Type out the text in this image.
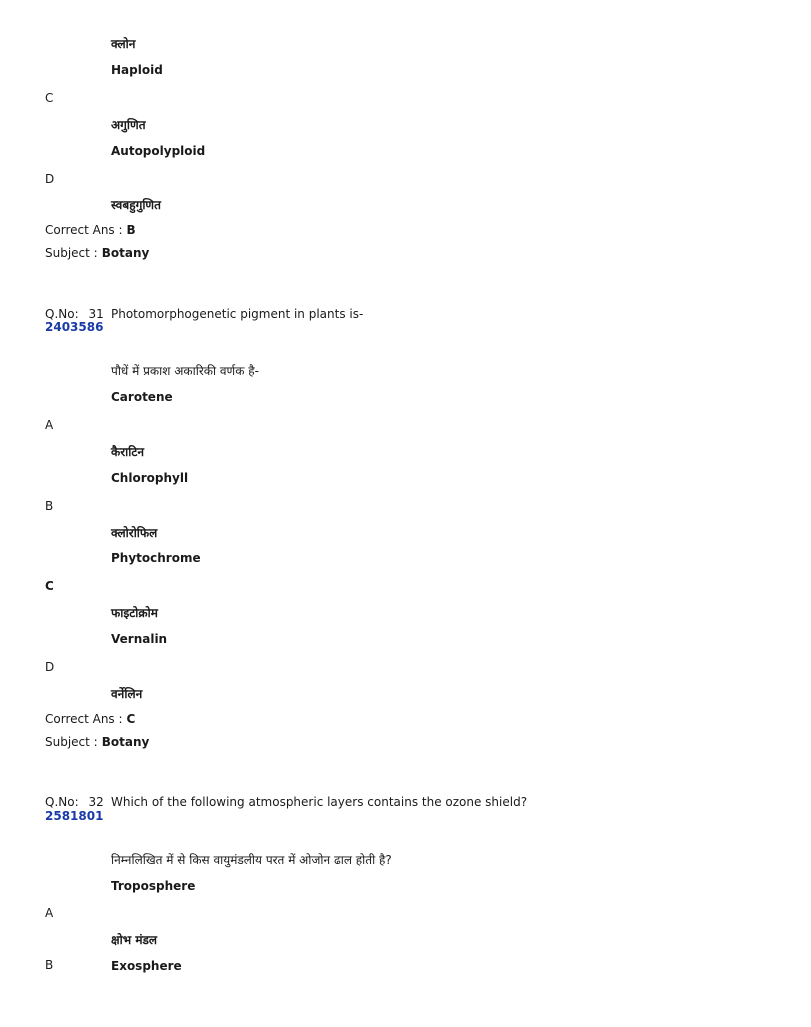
क्लोन
Haploid
C
अगुणित
Autopolyploid
D
स्वबहुगुणित
Correct Ans : B
Subject : Botany
Q.No: 31 Photomorphogenetic pigment in plants is-
2403586
पौधें में प्रकाश अकारिकी वर्णक है-
Carotene
A
कैराटिन
Chlorophyll
B
क्लोरोफिल
Phytochrome
C
फाइटोक्रोम
Vernalin
D
वर्नेलिन
Correct Ans : C
Subject : Botany
Q.No: 32 Which of the following atmospheric layers contains the ozone shield?
2581801
निम्नलिखित में से किस वायुमंडलीय परत में ओजोन ढाल होती है?
Troposphere
A
क्षोभ मंडल
B	Exosphere
